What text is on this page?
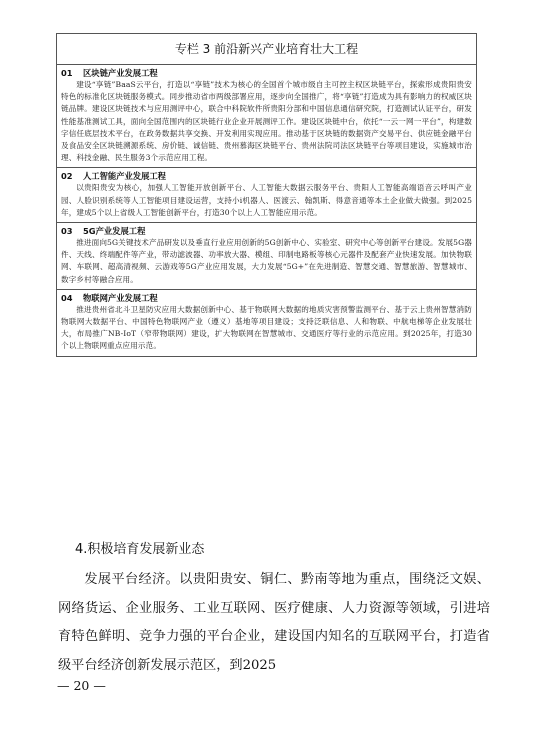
专栏 3 前沿新兴产业培育壮大工程
01 区块链产业发展工程
建设“享链”BaaS云平台，打造以“享链”技术为核心的全国首个城市级自主可控主权区块链平台，探索形成贵阳贵安特色的标准化区块链服务模式。同步推动省市两级部署应用，逐步向全国推广，将“享链”打造成为具有影响力的权威区块链品牌。建设区块链技术与应用测评中心，联合中科院软件所贵阳分部和中国信息通信研究院，打造测试认证平台，研发性能基准测试工具，面向全国范围内的区块链行业企业开展测评工作。建设区块链中台，依托“一云一网一平台”，构建数字信任底层技术平台，在政务数据共享交换、开发利用实现应用。推动基于区块链的数据资产交易平台、供应链金融平台及食品安全区块链溯源系统、房价链、诚信链、贵州慕海区块链平台、贵州法院司法区块链平台等项目建设，实施城市治理、科技金融、民生服务3个示范应用工程。
02 人工智能产业发展工程
以贵阳贵安为核心，加强人工智能开放创新平台、人工智能大数据云服务平台、贵阳人工智能高端语音云呼叫产业园、人脸识别系统等人工智能项目建设运营，支持小i机器人、医渡云、翰凯斯、得意音通等本土企业做大做强。到2025年，建成5个以上省级人工智能创新平台，打造30个以上人工智能应用示范。
03 5G产业发展工程
推进面向5G关键技术产品研发以及垂直行业应用创新的5G创新中心、实验室、研究中心等创新平台建设。发展5G器件、天线、终端配件等产业，带动滤波器、功率放大器、模组、印制电路板等核心元器件及配套产业快速发展。加快物联网、车联网、超高清视频、云游戏等5G产业应用发展，大力发展“5G+”在先进制造、智慧交通、智慧旅游、智慧城市、数字乡村等融合应用。
04 物联网产业发展工程
推进贵州省北斗卫星防灾应用大数据创新中心、基于物联网大数据的地质灾害预警监测平台、基于云上贵州智慧消防物联网大数据平台、中国特色物联网产业（遵义）基地等项目建设；支持泛联信息、人和物联、中航电梯等企业发展壮大，布局推广NB-IoT（窄带物联网）建设，扩大物联网在智慧城市、交通医疗等行业的示范应用。到2025年，打造30个以上物联网重点应用示范。
4.积极培育发展新业态
发展平台经济。以贵阳贵安、铜仁、黔南等地为重点，围绕泛文娱、网络货运、企业服务、工业互联网、医疗健康、人力资源等领域，引进培育特色鲜明、竞争力强的平台企业，建设国内知名的互联网平台，打造省级平台经济创新发展示范区，到2025
— 20 —
